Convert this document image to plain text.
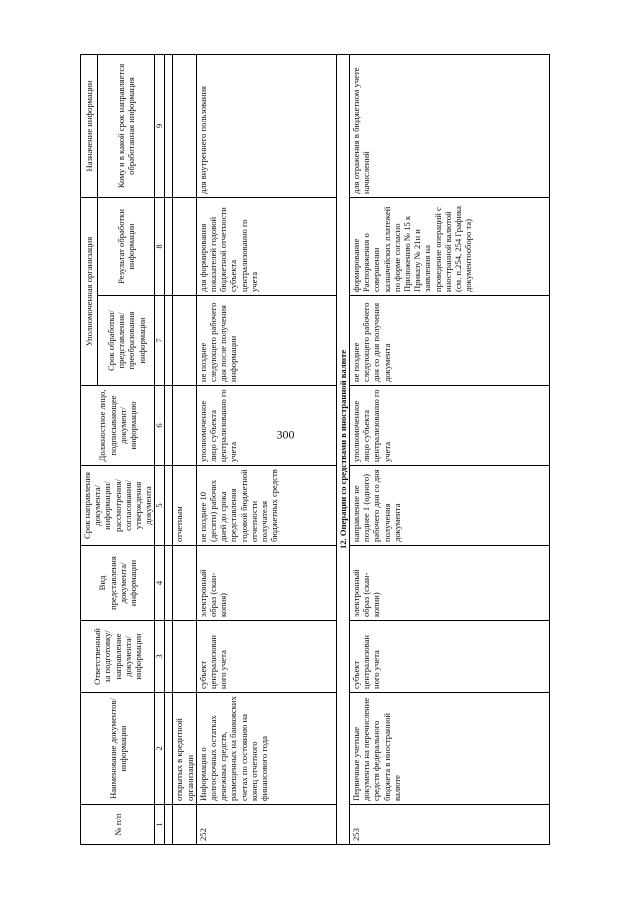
300
№ п/п	Наименование документов/ информации	Ответственный за подготовку/ направление документа/ информации	Вид представления документа/ информации	Срок направления документа/ информации/ рассмотрения/ согласования/ утверждения документа	Должностное лицо, подписывающее документ/ информацию	Уполномоченная организация		Назначение информации
						Срок обработки/ представления/ преобразования информации	Результат обработки информации	Кому и в какой срок направляется обработанная информация
1	2	3	4	5	6	7	8	9

	открытых в кредитной организации			отчетным				
252	Информация о долгосрочных остатках денежных средств, размещенных на банковских счетах по состоянию на конец отчетного финансового года	субъект централизован ного учета	электронный образ (скан-копия)	не позднее 10 (десяти) рабочих дней до срока представления годовой бюджетной отчетности получателя бюджетных средств	уполномоченное лицо субъекта централизованно го учета	не позднее следующего рабочего дня после получения информации	для формирования показателей годовой бюджетной отчетности субъекта централизованно го учета	для внутреннего пользования
12. Операции со средствами в иностранной валюте								
253	Первичные учетные документы на перечисление средств федерального бюджета в иностранной валюте	субъект централизован ного учета	электронный образ (скан-копии)	направление не позднее 1 (одного) рабочего дня со дня получения документа	уполномоченное лицо субъекта централизованно го учета	не позднее следующего рабочего дня со дня получения документа	формирование Распоряжения о совершении казначейских платежей по форме согласно Приложению № 15 к Приказу № 21н и заявления на проведение операций с иностранной валютой (см. п.254, 254 Графика документооборо та)	для отражения в бюджетном учете начислений
